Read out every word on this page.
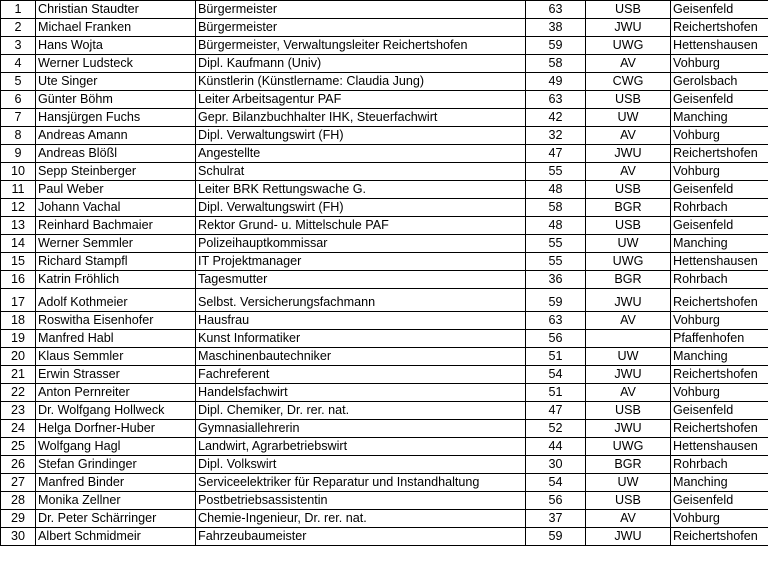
1	Christian Staudter	Bürgermeister	63	USB	Geisenfeld
2	Michael Franken	Bürgermeister	38	JWU	Reichertshofen
3	Hans Wojta	Bürgermeister, Verwaltungsleiter Reichertshofen	59	UWG	Hettenshausen
4	Werner Ludsteck	Dipl. Kaufmann (Univ)	58	AV	Vohburg
5	Ute Singer	Künstlerin (Künstlername: Claudia Jung)	49	CWG	Gerolsbach
6	Günter Böhm	Leiter Arbeitsagentur PAF	63	USB	Geisenfeld
7	Hansjürgen Fuchs	Gepr. Bilanzbuchhalter IHK, Steuerfachwirt	42	UW	Manching
8	Andreas Amann	Dipl. Verwaltungswirt (FH)	32	AV	Vohburg
9	Andreas Blößl	Angestellte	47	JWU	Reichertshofen
10	Sepp Steinberger	Schulrat	55	AV	Vohburg
11	Paul Weber	Leiter BRK Rettungswache G.	48	USB	Geisenfeld
12	Johann Vachal	Dipl. Verwaltungswirt (FH)	58	BGR	Rohrbach
13	Reinhard Bachmaier	Rektor Grund- u. Mittelschule PAF	48	USB	Geisenfeld
14	Werner Semmler	Polizeihauptkommissar	55	UW	Manching
15	Richard Stampfl	IT Projektmanager	55	UWG	Hettenshausen
16	Katrin Fröhlich	Tagesmutter	36	BGR	Rohrbach
17	Adolf Kothmeier	Selbst. Versicherungsfachmann	59	JWU	Reichertshofen
18	Roswitha Eisenhofer	Hausfrau	63	AV	Vohburg
19	Manfred Habl	Kunst Informatiker	56		Pfaffenhofen
20	Klaus Semmler	Maschinenbautechniker	51	UW	Manching
21	Erwin Strasser	Fachreferent	54	JWU	Reichertshofen
22	Anton Pernreiter	Handelsfachwirt	51	AV	Vohburg
23	Dr. Wolfgang Hollweck	Dipl. Chemiker, Dr. rer. nat.	47	USB	Geisenfeld
24	Helga Dorfner-Huber	Gymnasiallehrerin	52	JWU	Reichertshofen
25	Wolfgang Hagl	Landwirt, Agrarbetriebswirt	44	UWG	Hettenshausen
26	Stefan Grindinger	Dipl. Volkswirt	30	BGR	Rohrbach
27	Manfred Binder	Serviceelektriker für Reparatur und Instandhaltung	54	UW	Manching
28	Monika Zellner	Postbetriebsassistentin	56	USB	Geisenfeld
29	Dr. Peter Schärringer	Chemie-Ingenieur, Dr. rer. nat.	37	AV	Vohburg
30	Albert Schmidmeir	Fahrzeubaumeister	59	JWU	Reichertshofen
